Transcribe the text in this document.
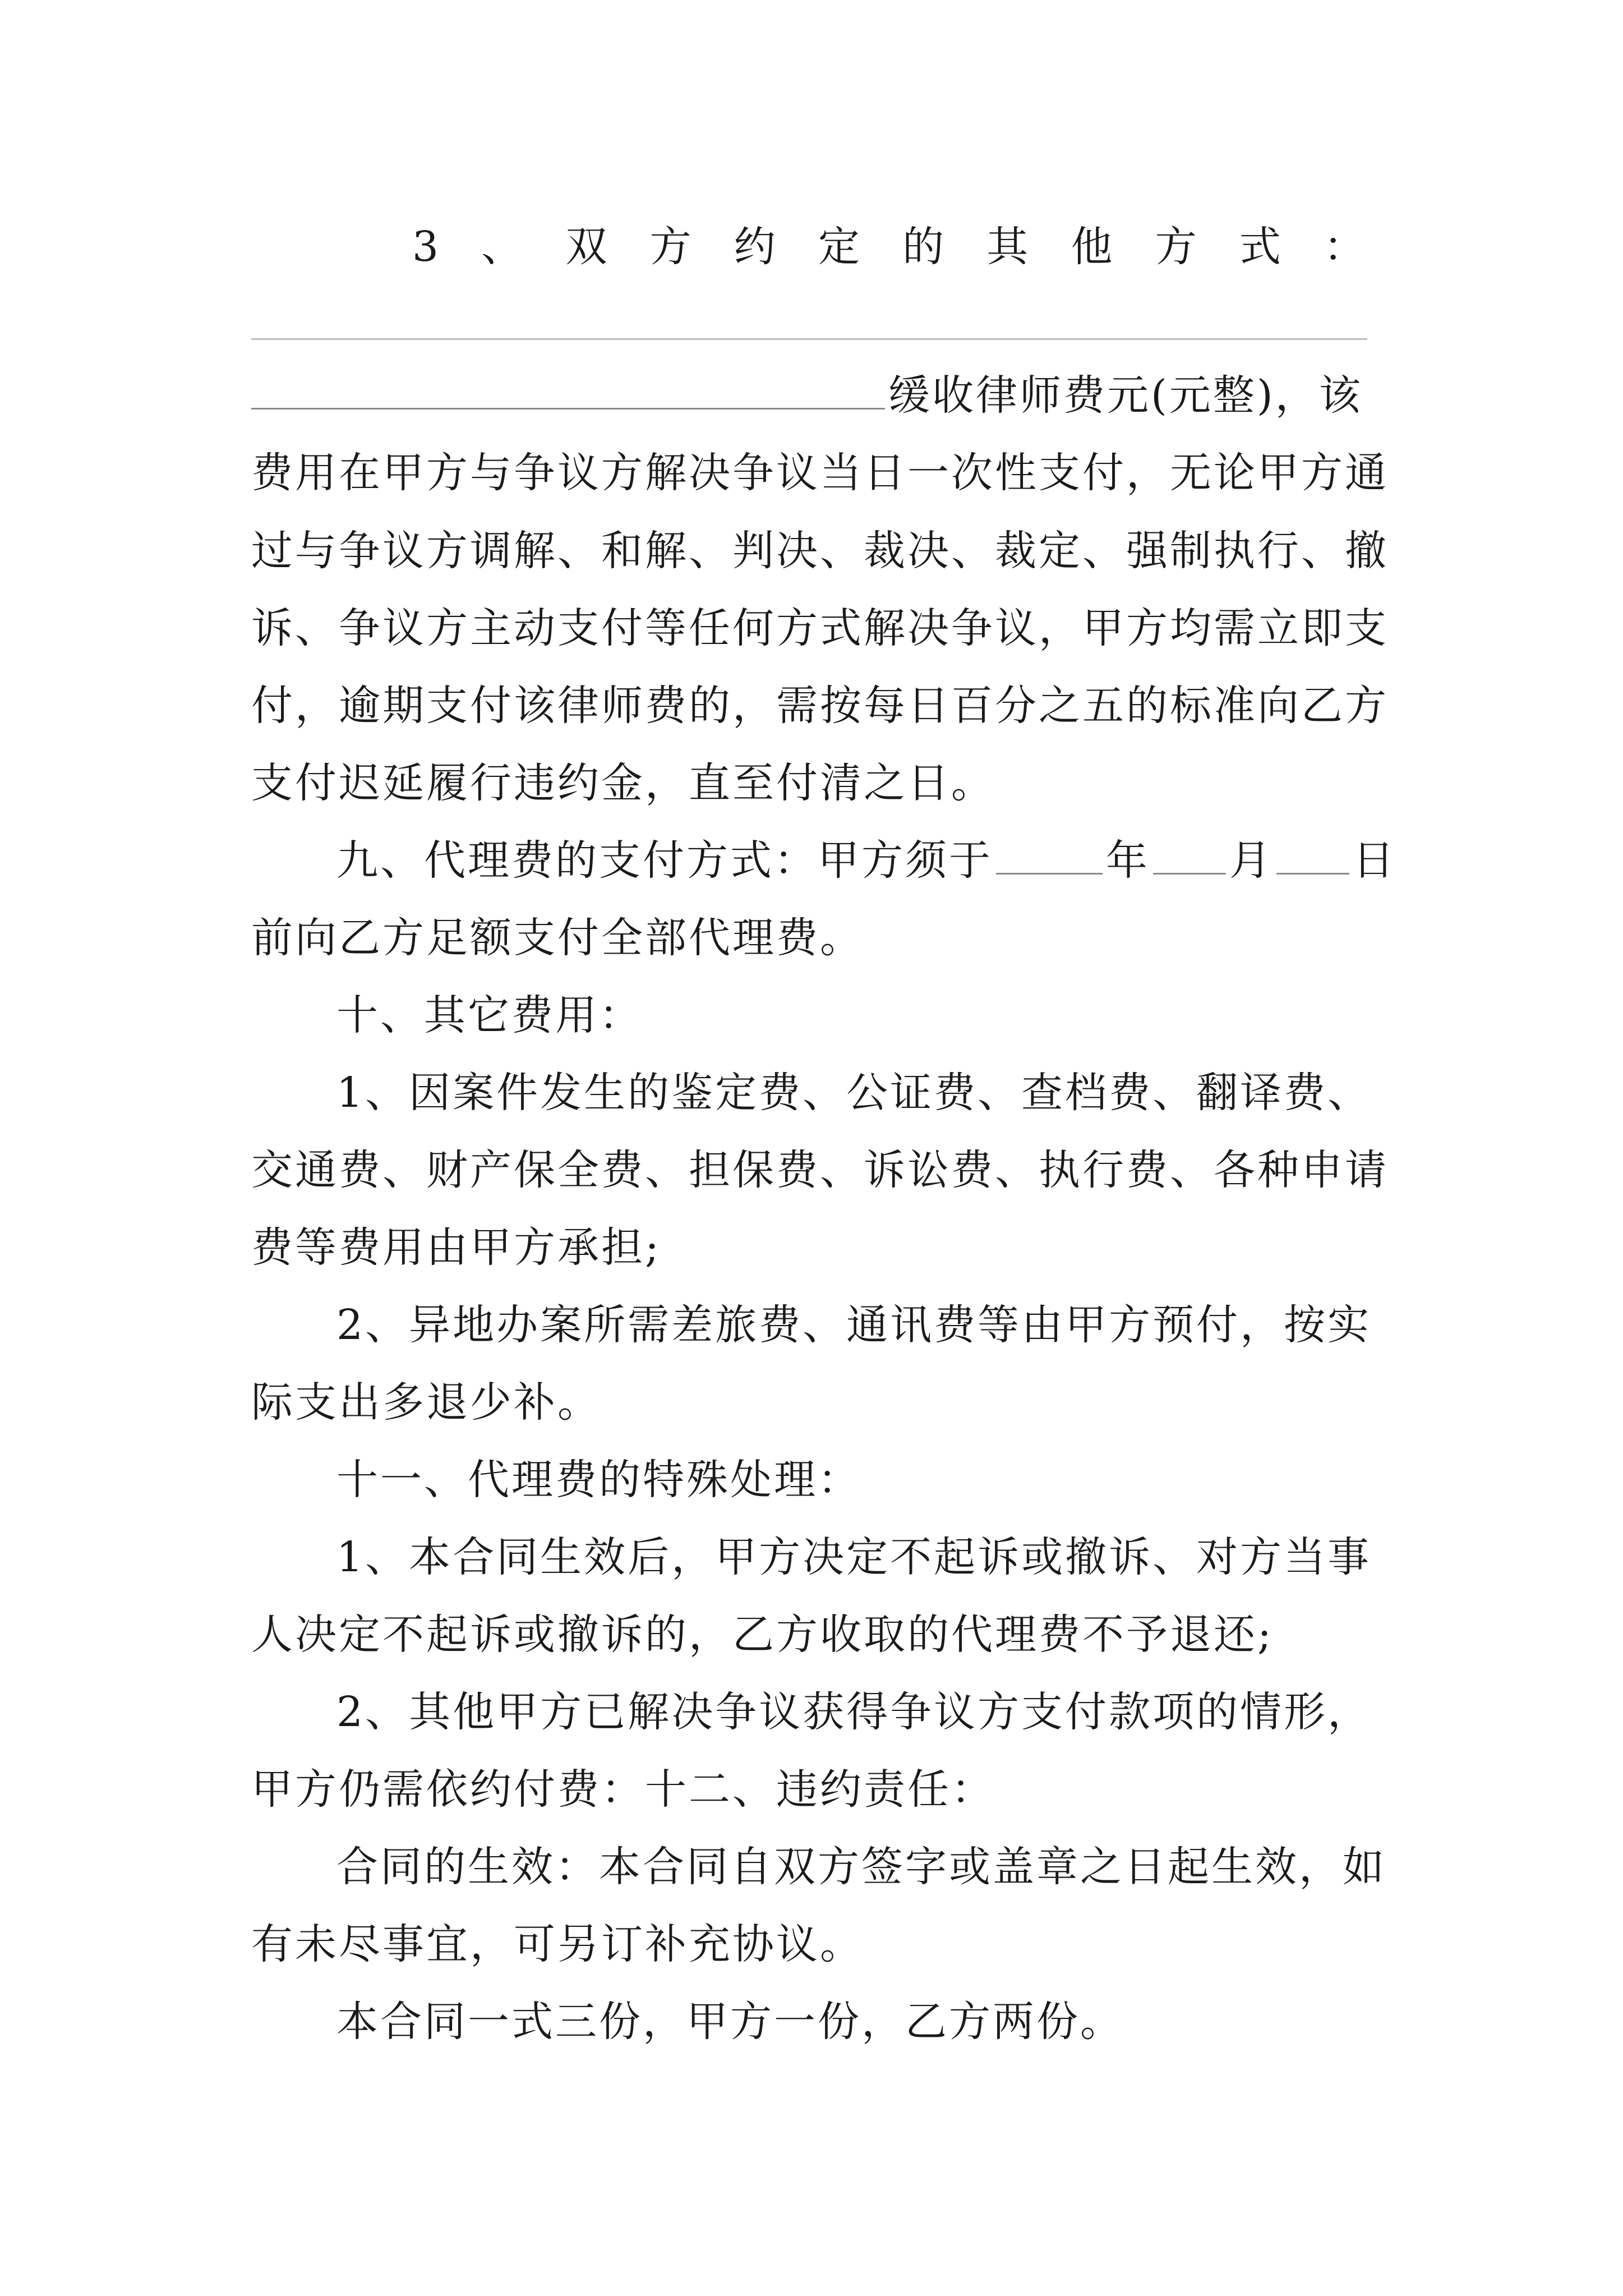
3 、 双 方 约 定 的 其 他 方 式 ：
缓收律师费元(元整)，该
费用在甲方与争议方解决争议当日一次性支付，无论甲方通
过与争议方调解、和解、判决、裁决、裁定、强制执行、撤
诉、争议方主动支付等任何方式解决争议，甲方均需立即支
付，逾期支付该律师费的，需按每日百分之五的标准向乙方
支付迟延履行违约金，直至付清之日。
九、代理费的支付方式：甲方须于	年 月 日
前向乙方足额支付全部代理费。
十、其它费用：
1、因案件发生的鉴定费、公证费、查档费、翻译费、
交通费、财产保全费、担保费、诉讼费、执行费、各种申请
费等费用由甲方承担;
2、异地办案所需差旅费、通讯费等由甲方预付，按实
际支出多退少补。
十一、代理费的特殊处理：
1、本合同生效后，甲方决定不起诉或撤诉、对方当事
人决定不起诉或撤诉的，乙方收取的代理费不予退还;
2、其他甲方已解决争议获得争议方支付款项的情形，
甲方仍需依约付费：十二、违约责任：
合同的生效：本合同自双方签字或盖章之日起生效，如
有未尽事宜，可另订补充协议。
本合同一式三份，甲方一份，乙方两份。
